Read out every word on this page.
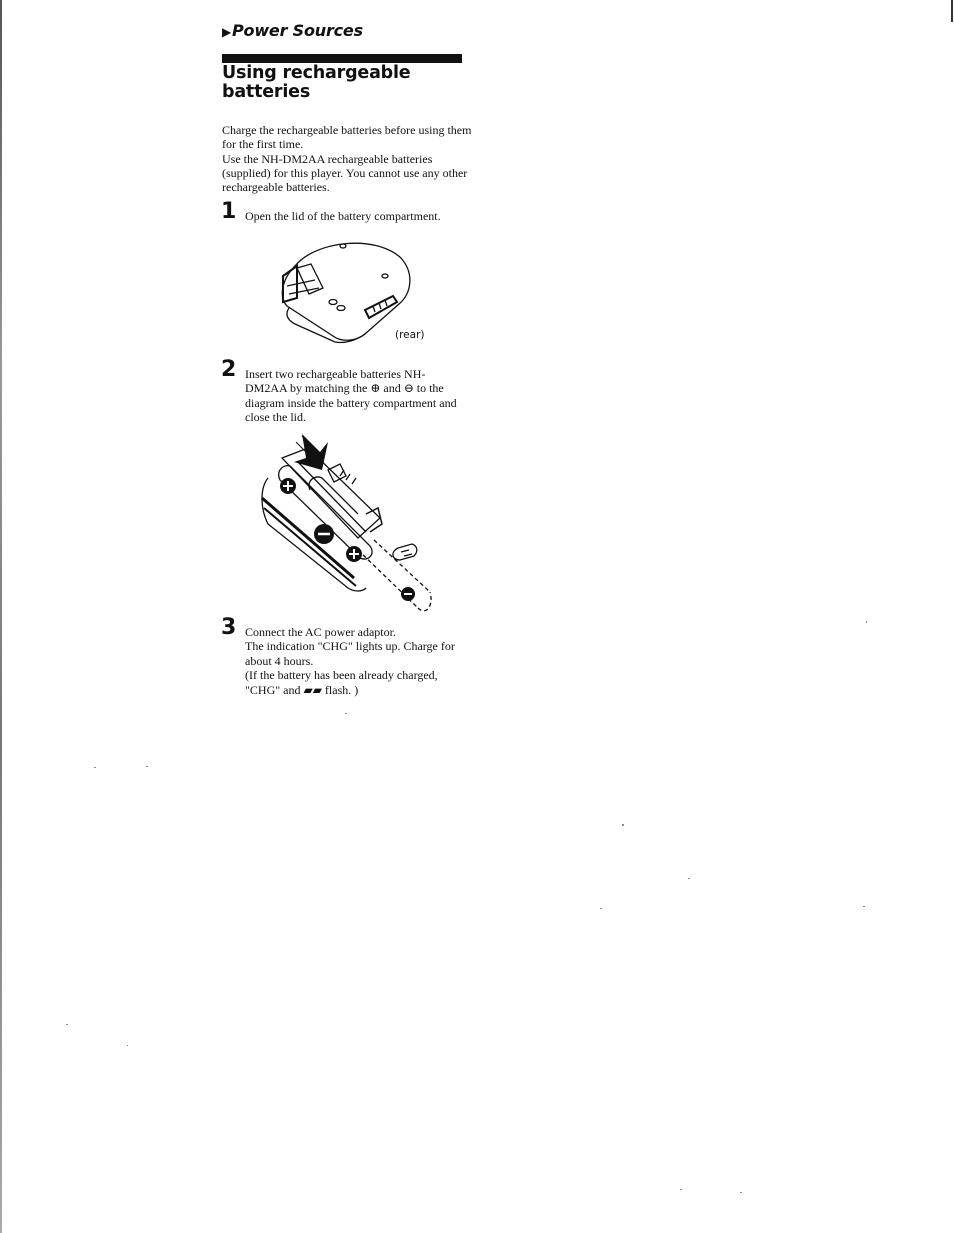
▶Power Sources
Using rechargeable batteries

Charge the rechargeable batteries before using them for the first time.

Use the NH-DM2AA rechargeable batteries (supplied) for this player. You cannot use any other rechargeable batteries.

1 Open the lid of the battery compartment.

(rear)
2 Insert two rechargeable batteries NH-DM2AA by matching the ⊕ and ⊖ to the diagram inside the battery compartment and close the lid.

3 Connect the AC power adaptor.

The indication "CHG" lights up. Charge for about 4 hours.

(If the battery has been already charged, "CHG" and ▰▰ flash. )
